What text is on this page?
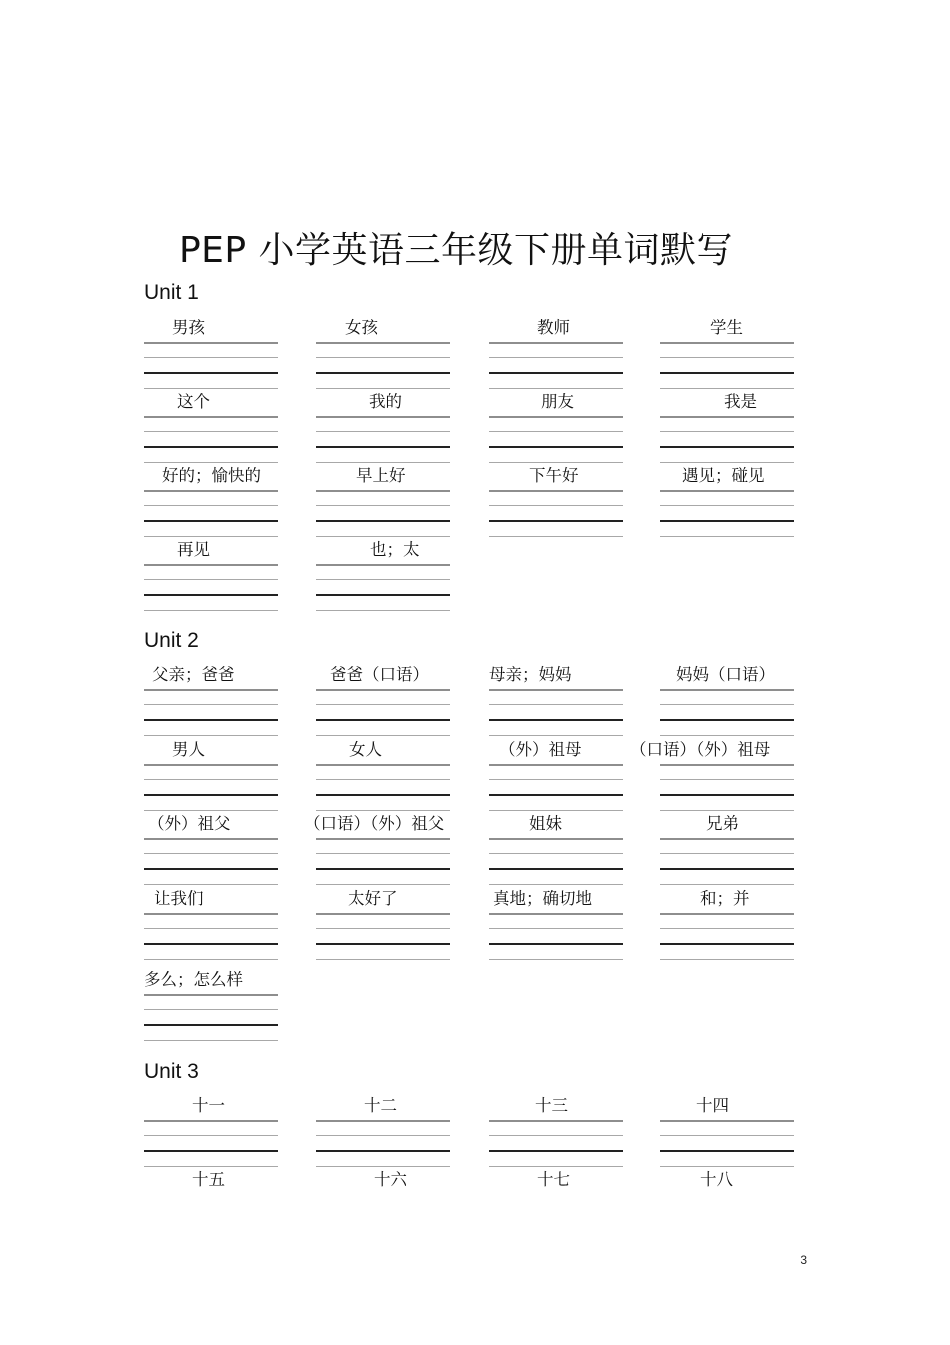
PEP 小学英语三年级下册单词默写
Unit 1
男孩	女孩	教师	学生
这个	我的	朋友	我是
好的；愉快的	早上好	下午好	遇见；碰见
再见	也；太
Unit 2
父亲；爸爸	爸爸（口语）	母亲；妈妈	妈妈（口语）
男人	女人	（外）祖母	（口语）（外）祖母
（外）祖父	（口语）（外）祖父	姐妹	兄弟
让我们	太好了	真地；确切地	和；并
多么；怎么样
Unit 3
十一	十二	十三	十四
十五	十六	十七	十八
3
